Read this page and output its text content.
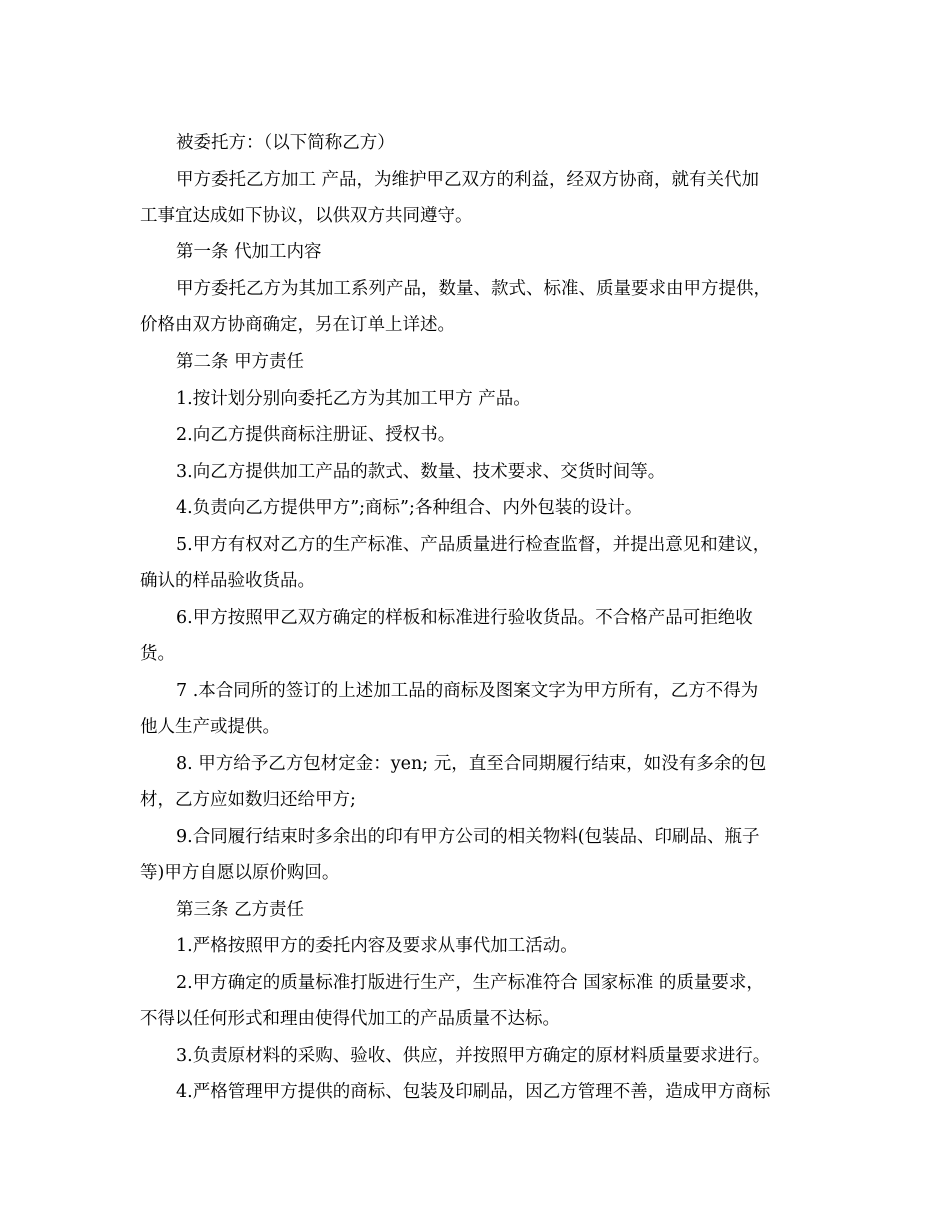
被委托方：（以下简称乙方）
甲方委托乙方加工 产品，为维护甲乙双方的利益，经双方协商，就有关代加
工事宜达成如下协议，以供双方共同遵守。
第一条 代加工内容
甲方委托乙方为其加工系列产品，数量、款式、标准、质量要求由甲方提供，
价格由双方协商确定，另在订单上详述。
第二条 甲方责任
1.按计划分别向委托乙方为其加工甲方 产品。
2.向乙方提供商标注册证、授权书。
3.向乙方提供加工产品的款式、数量、技术要求、交货时间等。
4.负责向乙方提供甲方”;商标”;各种组合、内外包装的设计。
5.甲方有权对乙方的生产标准、产品质量进行检查监督，并提出意见和建议，
确认的样品验收货品。
6.甲方按照甲乙双方确定的样板和标准进行验收货品。不合格产品可拒绝收
货。
7 .本合同所的签订的上述加工品的商标及图案文字为甲方所有，乙方不得为
他人生产或提供。
8. 甲方给予乙方包材定金：yen; 元，直至合同期履行结束，如没有多余的包
材，乙方应如数归还给甲方;
9.合同履行结束时多余出的印有甲方公司的相关物料(包装品、印刷品、瓶子
等)甲方自愿以原价购回。
第三条 乙方责任
1.严格按照甲方的委托内容及要求从事代加工活动。
2.甲方确定的质量标准打版进行生产，生产标准符合 国家标准 的质量要求，
不得以任何形式和理由使得代加工的产品质量不达标。
3.负责原材料的采购、验收、供应，并按照甲方确定的原材料质量要求进行。
4.严格管理甲方提供的商标、包装及印刷品，因乙方管理不善，造成甲方商标
